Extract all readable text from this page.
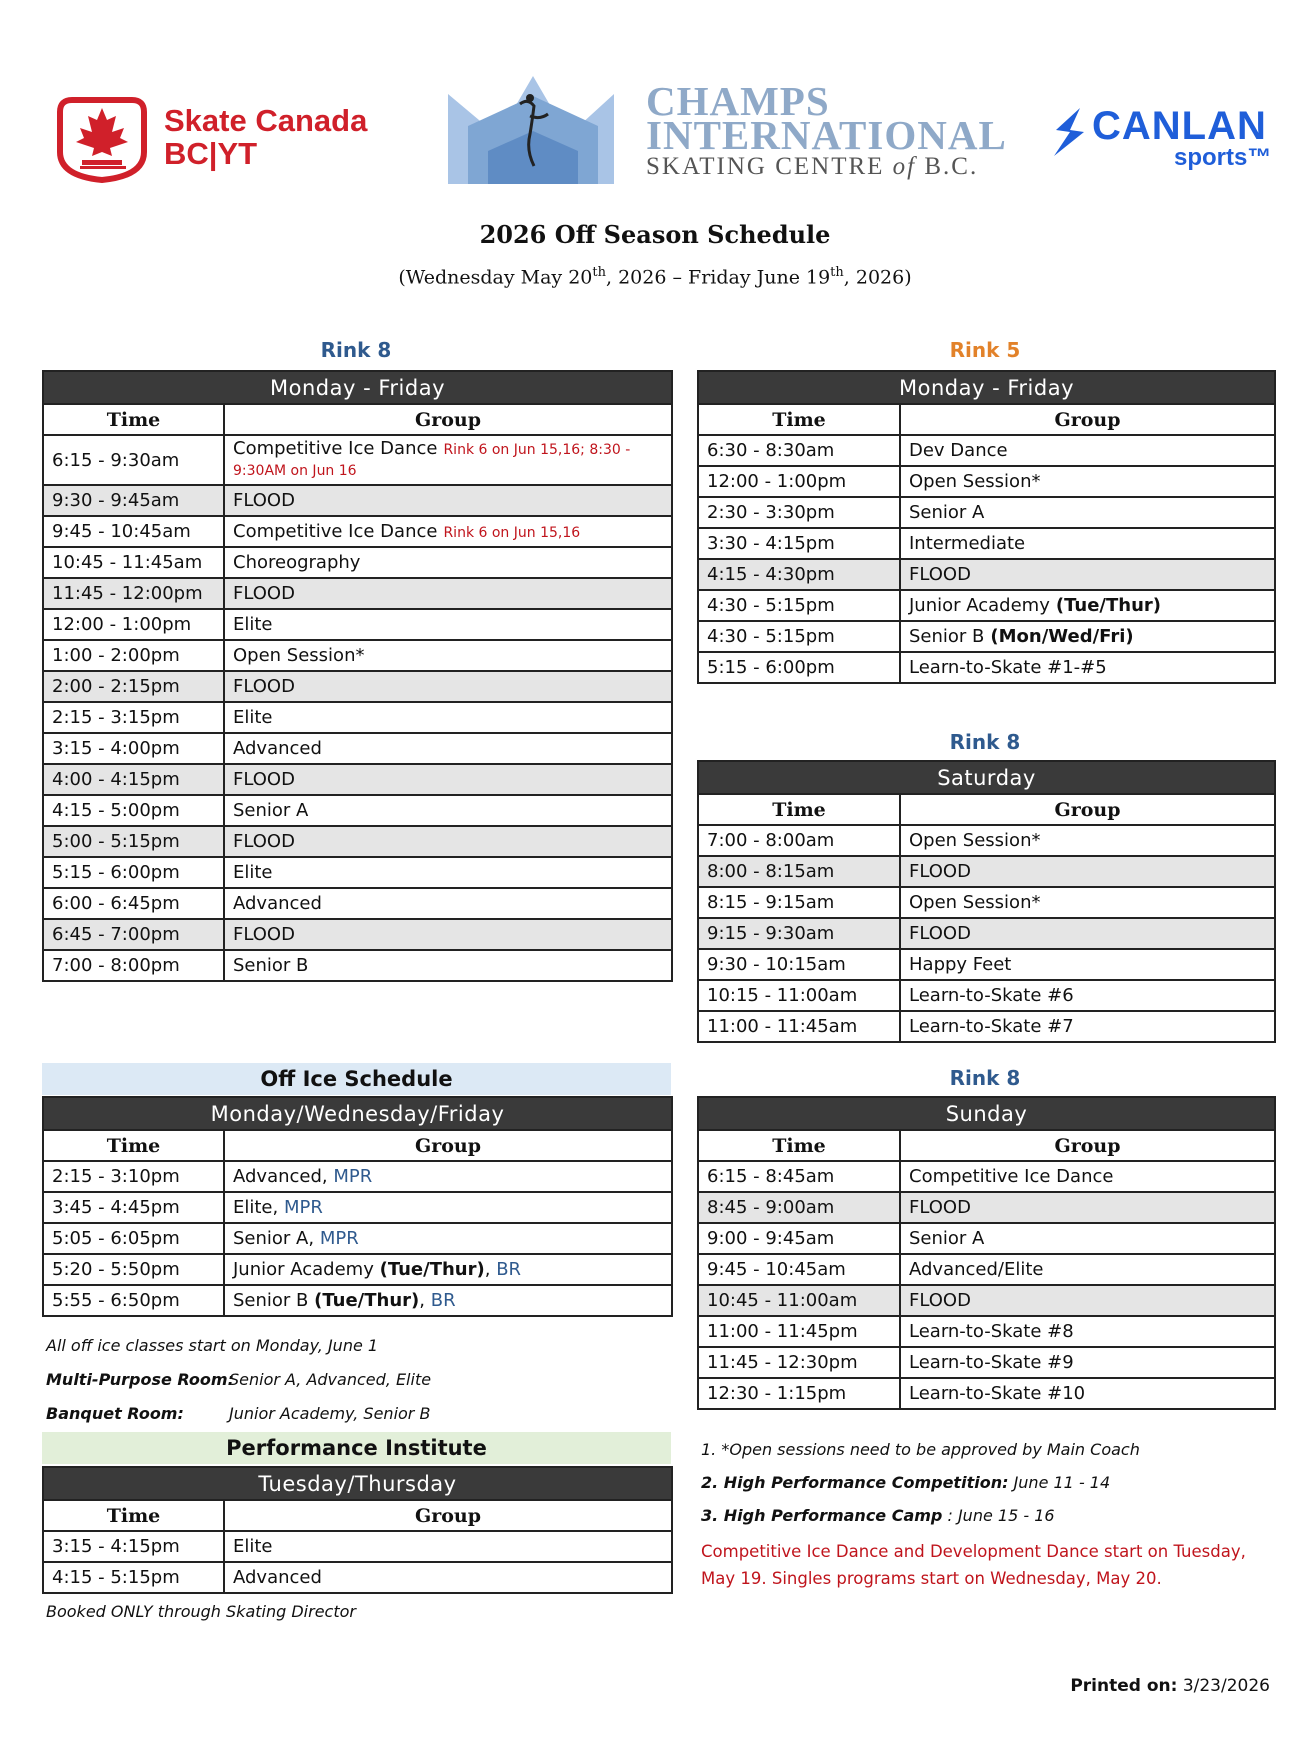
Skate Canada
BC|YT
CHAMPS
INTERNATIONAL
SKATING CENTRE of B.C.
CANLAN
sports™
2026 Off Season Schedule
(Wednesday May 20th, 2026 – Friday June 19th, 2026)
Rink 8
Monday - Friday	
Time	Group
6:15 - 9:30am	Competitive Ice Dance Rink 6 on Jun 15,16; 8:30 - 9:30AM on Jun 16
9:30 - 9:45am	FLOOD
9:45 - 10:45am	Competitive Ice Dance Rink 6 on Jun 15,16
10:45 - 11:45am	Choreography
11:45 - 12:00pm	FLOOD
12:00 - 1:00pm	Elite
1:00 - 2:00pm	Open Session*
2:00 - 2:15pm	FLOOD
2:15 - 3:15pm	Elite
3:15 - 4:00pm	Advanced
4:00 - 4:15pm	FLOOD
4:15 - 5:00pm	Senior A
5:00 - 5:15pm	FLOOD
5:15 - 6:00pm	Elite
6:00 - 6:45pm	Advanced
6:45 - 7:00pm	FLOOD
7:00 - 8:00pm	Senior B
Rink 5
Monday - Friday	
Time	Group
6:30 - 8:30am	Dev Dance
12:00 - 1:00pm	Open Session*
2:30 - 3:30pm	Senior A
3:30 - 4:15pm	Intermediate
4:15 - 4:30pm	FLOOD
4:30 - 5:15pm	Junior Academy (Tue/Thur)
4:30 - 5:15pm	Senior B (Mon/Wed/Fri)
5:15 - 6:00pm	Learn-to-Skate #1-#5
Rink 8
Saturday	
Time	Group
7:00 - 8:00am	Open Session*
8:00 - 8:15am	FLOOD
8:15 - 9:15am	Open Session*
9:15 - 9:30am	FLOOD
9:30 - 10:15am	Happy Feet
10:15 - 11:00am	Learn-to-Skate #6
11:00 - 11:45am	Learn-to-Skate #7
Rink 8
Sunday	
Time	Group
6:15 - 8:45am	Competitive Ice Dance
8:45 - 9:00am	FLOOD
9:00 - 9:45am	Senior A
9:45 - 10:45am	Advanced/Elite
10:45 - 11:00am	FLOOD
11:00 - 11:45pm	Learn-to-Skate #8
11:45 - 12:30pm	Learn-to-Skate #9
12:30 - 1:15pm	Learn-to-Skate #10
Off Ice Schedule
Monday/Wednesday/Friday	
Time	Group
2:15 - 3:10pm	Advanced, MPR
3:45 - 4:45pm	Elite, MPR
5:05 - 6:05pm	Senior A, MPR
5:20 - 5:50pm	Junior Academy (Tue/Thur), BR
5:55 - 6:50pm	Senior B (Tue/Thur), BR
All off ice classes start on Monday, June 1
Multi-Purpose Room:
Senior A, Advanced, Elite
Banquet Room:	Junior Academy, Senior B
Performance Institute
Tuesday/Thursday	
Time	Group
3:15 - 4:15pm	Elite
4:15 - 5:15pm	Advanced
Booked ONLY through Skating Director
1. *Open sessions need to be approved by Main Coach
2. High Performance Competition: June 11 - 14
3. High Performance Camp : June 15 - 16
Competitive Ice Dance and Development Dance start on Tuesday, May 19. Singles programs start on Wednesday, May 20.
Printed on: 3/23/2026
